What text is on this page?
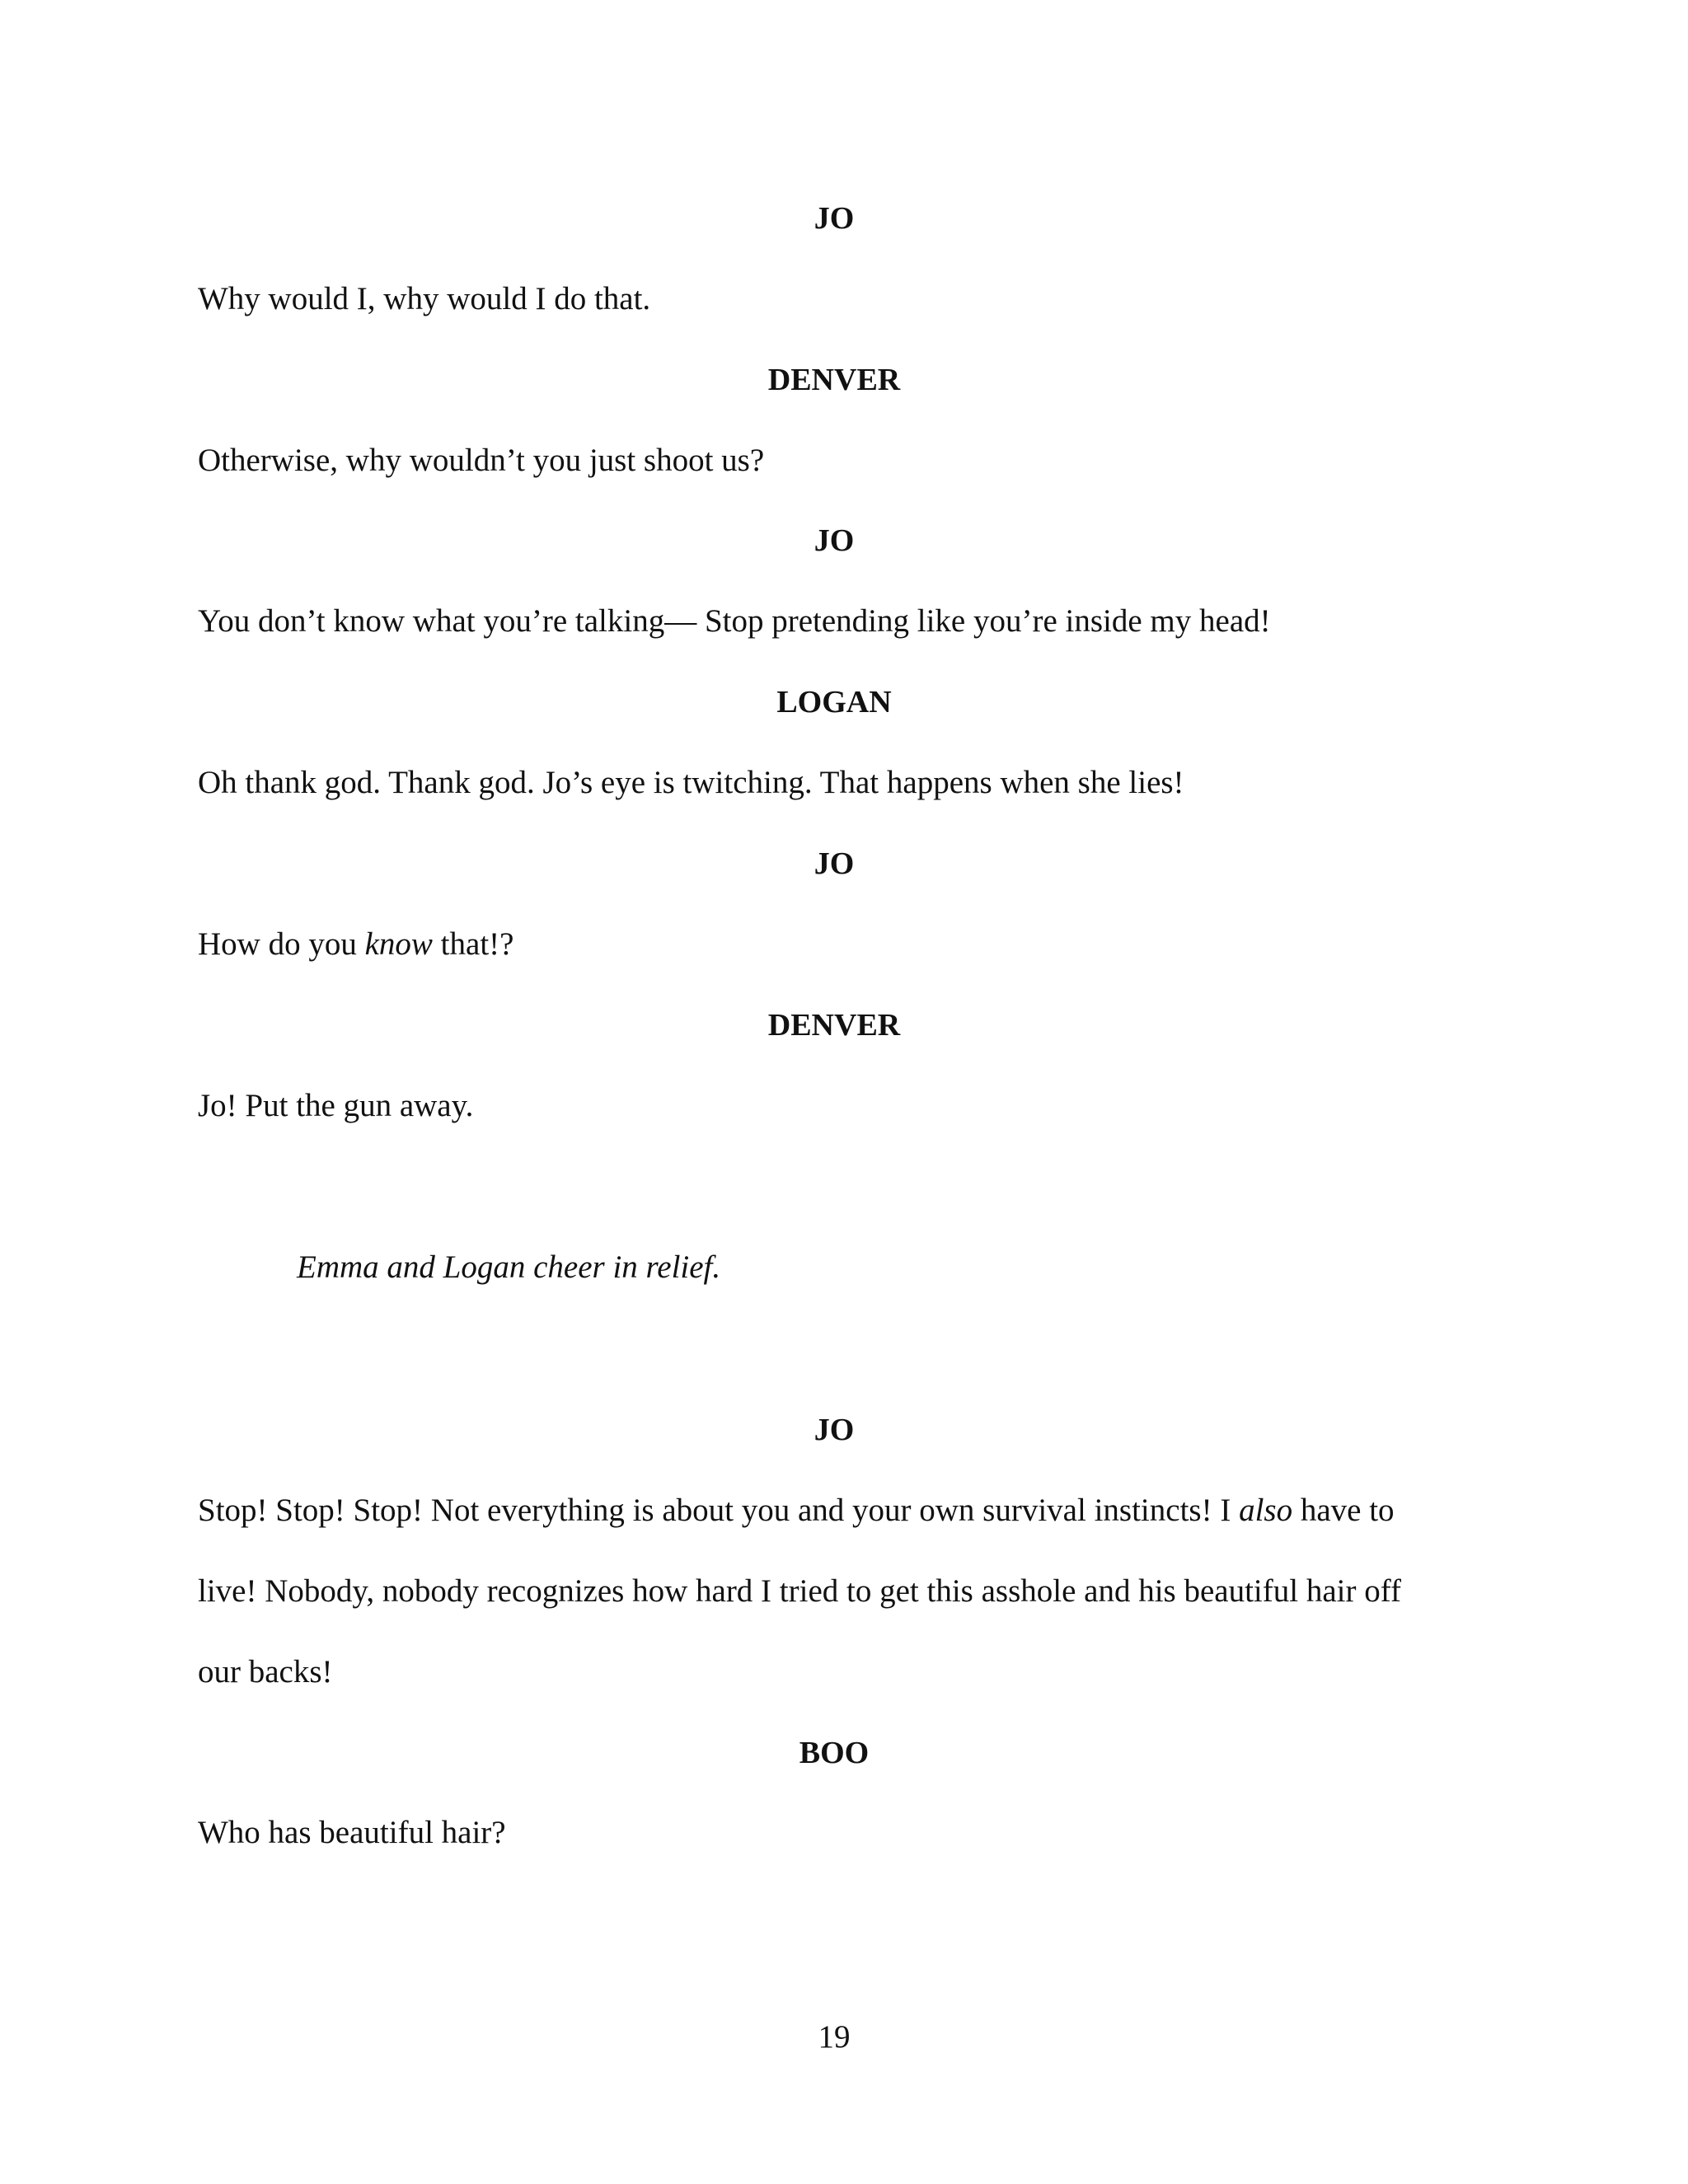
JO
Why would I, why would I do that.
DENVER
Otherwise, why wouldn’t you just shoot us?
JO
You don’t know what you’re talking— Stop pretending like you’re inside my head!
LOGAN
Oh thank god. Thank god. Jo’s eye is twitching. That happens when she lies!
JO
How do you know that!?
DENVER
Jo! Put the gun away.
Emma and Logan cheer in relief.
JO
Stop! Stop! Stop! Not everything is about you and your own survival instincts! I also have to
live! Nobody, nobody recognizes how hard I tried to get this asshole and his beautiful hair off
our backs!
BOO
Who has beautiful hair?
19
